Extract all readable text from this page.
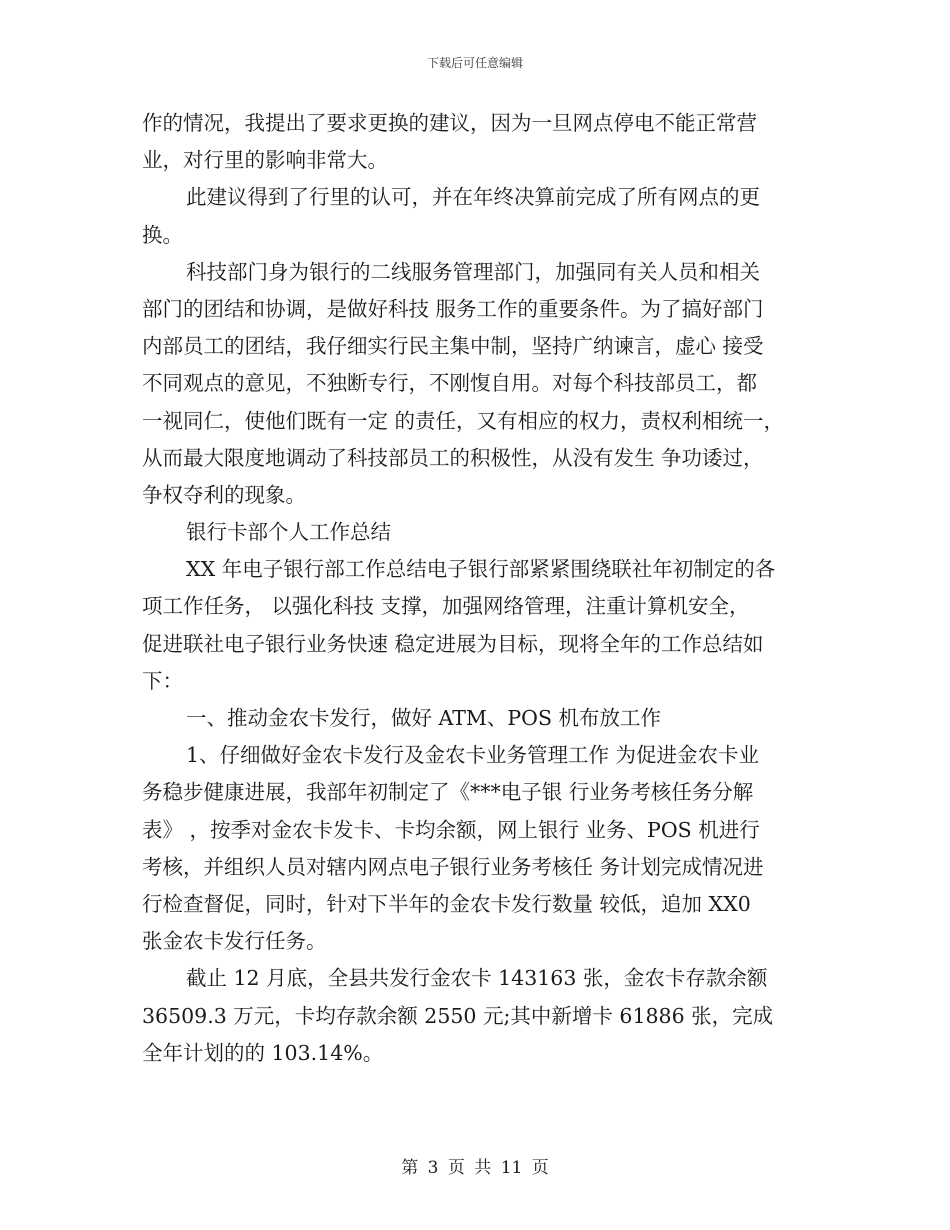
下载后可任意编辑
作的情况，我提出了要求更换的建议，因为一旦网点停电不能正常营
业，对行里的影响非常大。
此建议得到了行里的认可，并在年终决算前完成了所有网点的更
换。
科技部门身为银行的二线服务管理部门，加强同有关人员和相关
部门的团结和协调，是做好科技 服务工作的重要条件。为了搞好部门
内部员工的团结，我仔细实行民主集中制，坚持广纳谏言，虚心 接受
不同观点的意见，不独断专行，不刚愎自用。对每个科技部员工，都
一视同仁，使他们既有一定 的责任，又有相应的权力，责权利相统一，
从而最大限度地调动了科技部员工的积极性，从没有发生 争功诿过，
争权夺利的现象。
银行卡部个人工作总结
XX 年电子银行部工作总结电子银行部紧紧围绕联社年初制定的各
项工作任务， 以强化科技 支撑，加强网络管理，注重计算机安全，
促进联社电子银行业务快速 稳定进展为目标，现将全年的工作总结如
下：
一、推动金农卡发行，做好 ATM、POS 机布放工作
1、仔细做好金农卡发行及金农卡业务管理工作 为促进金农卡业
务稳步健康进展，我部年初制定了《***电子银 行业务考核任务分解
表》 ，按季对金农卡发卡、卡均余额，网上银行 业务、POS 机进行
考核，并组织人员对辖内网点电子银行业务考核任 务计划完成情况进
行检查督促，同时，针对下半年的金农卡发行数量 较低，追加 XX0
张金农卡发行任务。
截止 12 月底，全县共发行金农卡 143163 张，金农卡存款余额
36509.3 万元，卡均存款余额 2550 元;其中新增卡 61886 张，完成
全年计划的的 103.14%。
第 3 页 共 11 页
